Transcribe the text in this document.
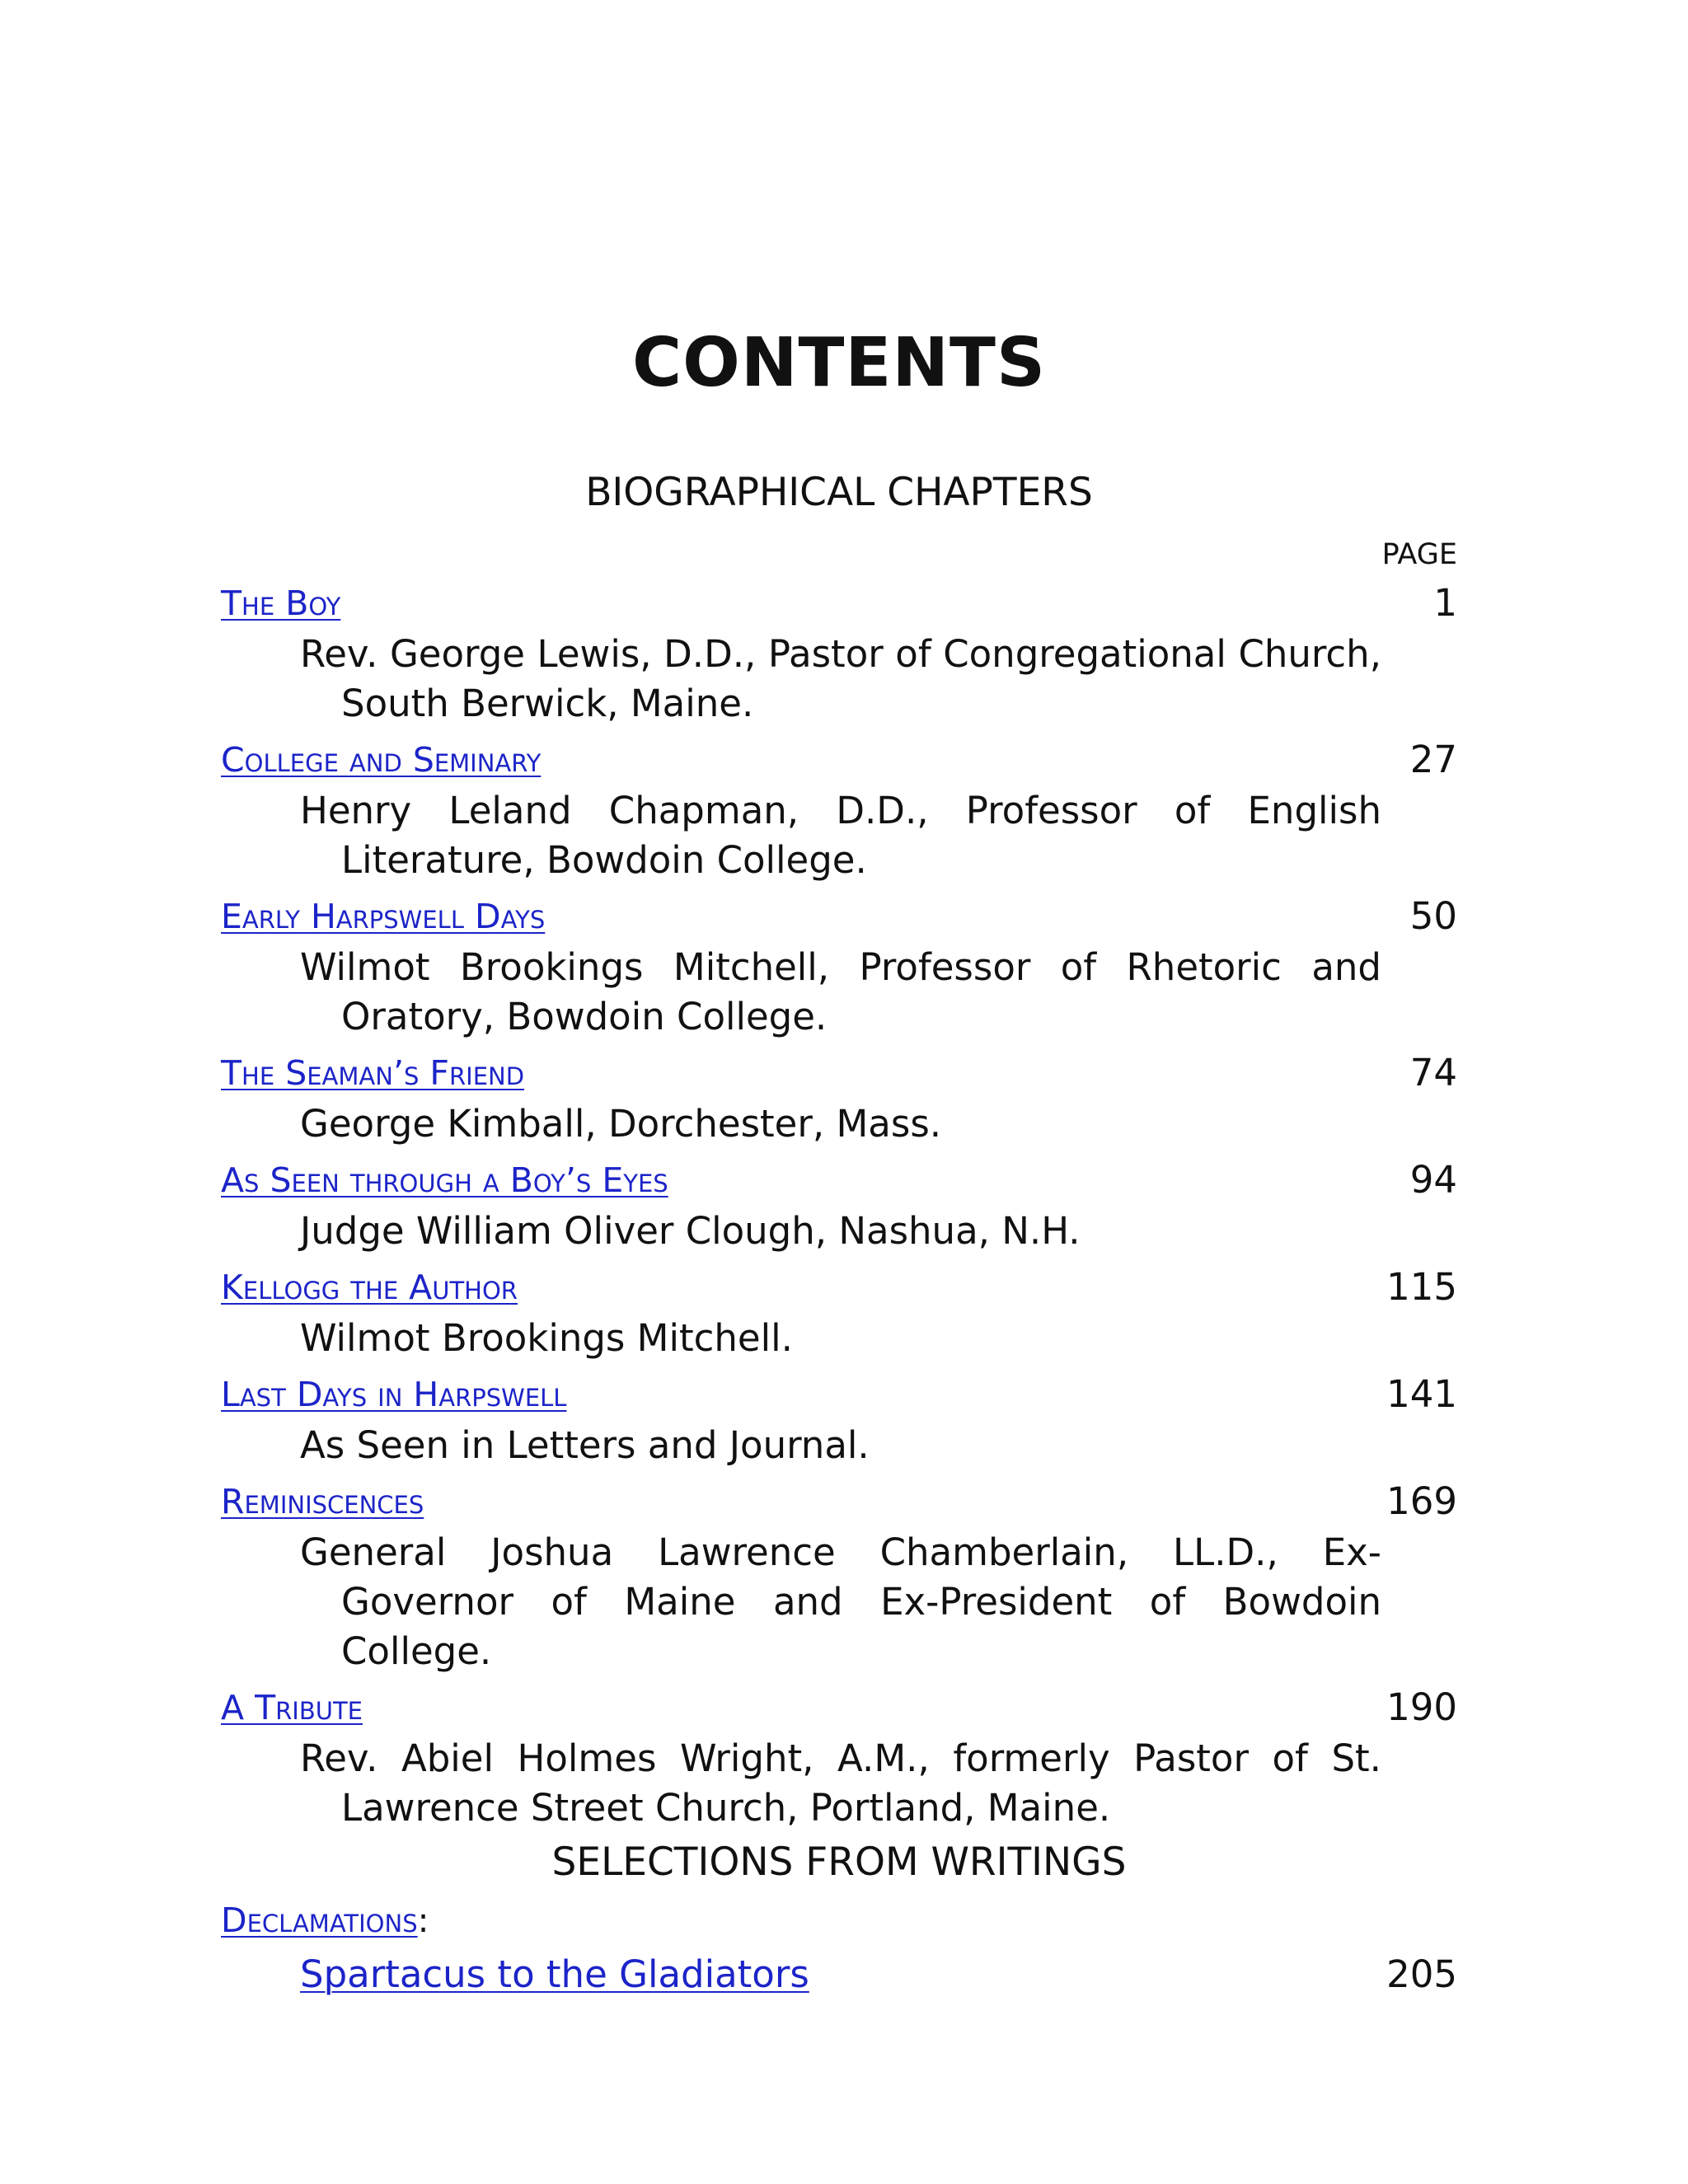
CONTENTS
BIOGRAPHICAL CHAPTERS
PAGE
The Boy	1
Rev. George Lewis, D.D., Pastor of Congregational Church, South Berwick, Maine.
College and Seminary	27
Henry Leland Chapman, D.D., Professor of English Literature, Bowdoin College.
Early Harpswell Days	50
Wilmot Brookings Mitchell, Professor of Rhetoric and Oratory, Bowdoin College.
The Seaman’s Friend	74
George Kimball, Dorchester, Mass.
As Seen through a Boy’s Eyes	94
Judge William Oliver Clough, Nashua, N.H.
Kellogg the Author	115
Wilmot Brookings Mitchell.
Last Days in Harpswell	141
As Seen in Letters and Journal.
Reminiscences	169
General Joshua Lawrence Chamberlain, LL.D., Ex-Governor of Maine and Ex-President of Bowdoin College.
A Tribute	190
Rev. Abiel Holmes Wright, A.M., formerly Pastor of St. Lawrence Street Church, Portland, Maine.
SELECTIONS FROM WRITINGS
Declamations:
Spartacus to the Gladiators	205
